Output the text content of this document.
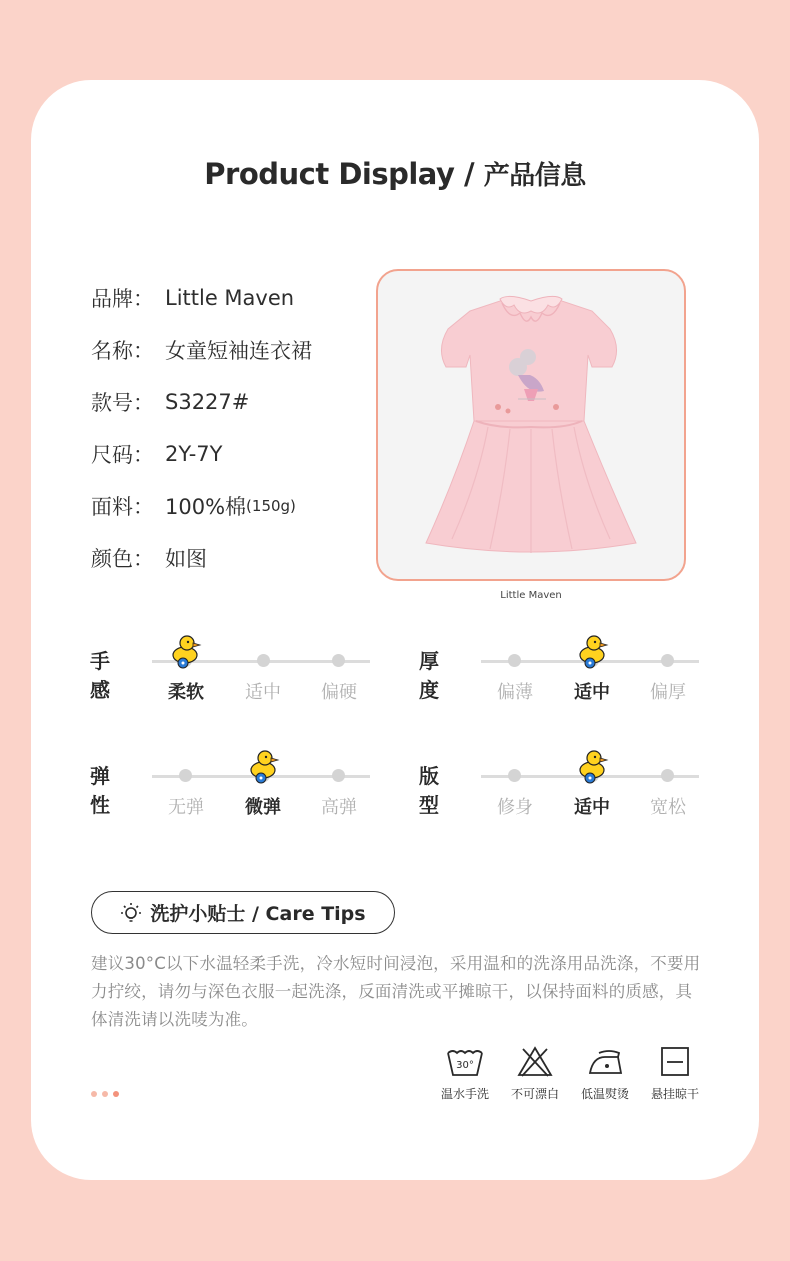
Product Display / 产品信息
品牌： Little Maven
名称： 女童短袖连衣裙
款号： S3227#
尺码： 2Y-7Y
面料： 100%棉 (150g)
颜色： 如图
Little Maven
手感	柔软	适中	偏硬
厚度	偏薄	适中	偏厚
弹性	无弹	微弹	高弹
版型	修身	适中	宽松
洗护小贴士 / Care Tips
建议30°C以下水温轻柔手洗，冷水短时间浸泡，采用温和的洗涤用品洗涤，不要用力拧绞，请勿与深色衣服一起洗涤，反面清洗或平摊晾干，以保持面料的质感，具体清洗请以洗唛为准。
30°
温水手洗	不可漂白	低温熨烫	悬挂晾干
